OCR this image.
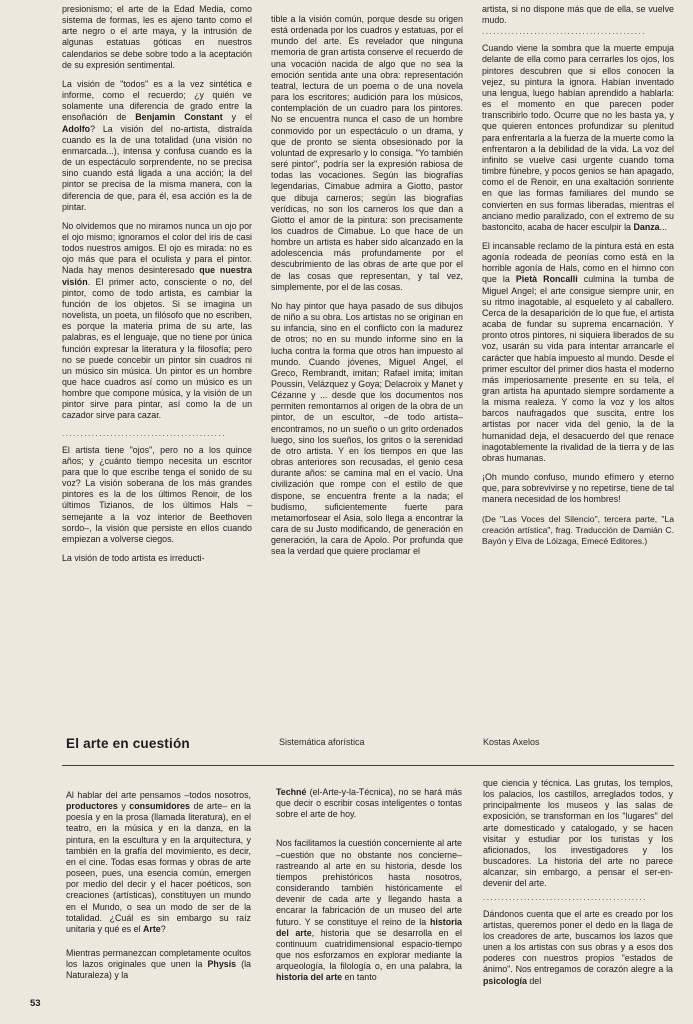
presionismo; el arte de la Edad Media, como sistema de formas, les es ajeno tanto como el arte negro o el arte maya, y la intrusión de algunas estatuas góticas en nuestros calendarios se debe sobre todo a la aceptación de su expresión sentimental.

La visión de "todos" es a la vez sintética e informe, como el recuerdo; ¿y quién ve solamente una diferencia de grado entre la ensoñación de Benjamin Constant y el Adolfo? La visión del no-artista, distraída cuando es la de una totalidad (una visión no enmarcada...), intensa y confusa cuando es la de un espectáculo sorprendente, no se precisa sino cuando está ligada a una acción; la del pintor se precisa de la misma manera, con la diferencia de que, para él, esa acción es la de pintar.

No olvidemos que no miramos nunca un ojo por el ojo mismo; ignoramos el color del iris de casi todos nuestros amigos. El ojo es mirada: no es ojo más que para el oculista y para el pintor. Nada hay menos desinteresado que nuestra visión. El primer acto, consciente o no, del pintor, como de todo artista, es cambiar la función de los objetos. Si se imagina un novelista, un poeta, un filósofo que no escriben, es porque la materia prima de su arte, las palabras, es el lenguaje, que no tiene por única función expresar la literatura y la filosofía; pero no se puede concebir un pintor sin cuadros ni un músico sin música. Un pintor es un hombre que hace cuadros así como un músico es un hombre que compone música, y la visión de un pintor sirve para pintar, así como la de un cazador sirve para cazar.

............................................

El artista tiene "ojos", pero no a los quince años; y ¿cuánto tiempo necesita un escritor para que lo que escribe tenga el sonido de su voz? La visión soberana de los más grandes pintores es la de los últimos Renoir, de los últimos Tizianos, de los últimos Hals –semejante a la voz interior de Beethoven sordo–, la visión que persiste en ellos cuando empiezan a volverse ciegos.

La visión de todo artista es irreducti-

tible a la visión común, porque desde su origen está ordenada por los cuadros y estatuas, por el mundo del arte. Es revelador que ninguna memoria de gran artista conserve el recuerdo de una vocación nacida de algo que no sea la emoción sentida ante una obra: representación teatral, lectura de un poema o de una novela para los escritores; audición para los músicos, contemplación de un cuadro para los pintores. No se encuentra nunca el caso de un hombre conmovido por un espectáculo o un drama, y que de pronto se sienta obsesionado por la voluntad de expresarlo y lo consiga. "Yo también seré pintor", podría ser la expresión rabiosa de todas las vocaciones. Según las biografías legendarias, Cimabue admira a Giotto, pastor que dibuja carneros; según las biografías verídicas, no son los carneros los que dan a Giotto el amor de la pintura: son precisamente los cuadros de Cimabue. Lo que hace de un hombre un artista es haber sido alcanzado en la adolescencia más profundamente por el descubrimiento de las obras de arte que por el de las cosas que representan, y tal vez, simplemente, por el de las cosas.

No hay pintor que haya pasado de sus dibujos de niño a su obra. Los artistas no se originan en su infancia, sino en el conflicto con la madurez de otros; no en su mundo informe sino en la lucha contra la forma que otros han impuesto al mundo. Cuando jóvenes, Miguel Angel, el Greco, Rembrandt, imitan; Rafael imita; imitan Poussin, Velázquez y Goya; Delacroix y Manet y Cézanne y ... desde que los documentos nos permiten remontarnos al origen de la obra de un pintor, de un escultor, –de todo artista– encontramos, no un sueño o un grito ordenados luego, sino los sueños, los gritos o la serenidad de otro artista. Y en los tiempos en que las obras anteriores son recusadas, el genio cesa durante años: se camina mal en el vacío. Una civilización que rompe con el estilo de que dispone, se encuentra frente a la nada; el budismo, suficientemente fuerte para metamorfosear el Asia, solo llega a encontrar la cara de su Justo modificando, de generación en generación, la cara de Apolo. Por profunda que sea la verdad que quiere proclamar el

artista, si no dispone más que de ella, se vuelve mudo.

............................................

Cuando viene la sombra que la muerte empuja delante de ella como para cerrarles los ojos, los pintores descubren que si ellos conocen la vejez, su pintura la ignora. Habían inventado una lengua, luego habían aprendido a hablarla: es el momento en que parecen poder transcribirlo todo. Ocurre que no les basta ya, y que quieren entonces profundizar su plenitud para enfrentarla a la fuerza de la muerte como la enfrentaron a la debilidad de la vida. La voz del infinito se vuelve casi urgente cuando toma timbre fúnebre, y pocos genios se han apagado, como el de Renoir, en una exaltación sonriente en que las formas familiares del mundo se convierten en sus formas liberadas, mientras el anciano medio paralizado, con el extremo de su bastoncito, acaba de hacer esculpir la Danza...

El incansable reclamo de la pintura está en esta agonía rodeada de peonías como está en la horrible agonía de Hals, como en el himno con que la Pietà Roncalli culmina la tumba de Miguel Angel; el arte consigue siempre unir, en su ritmo inagotable, al esqueleto y al caballero. Cerca de la desaparición de lo que fue, el artista acaba de fundar su suprema encarnación. Y pronto otros pintores, ni siquiera liberados de su voz, usarán su vida para intentar arrancarle el carácter que había impuesto al mundo. Desde el primer escultor del primer dios hasta el moderno más imperiosamente presente en su tela, el gran artista ha apuntado siempre sordamente a la misma realeza. Y como la voz y los altos barcos naufragados que suscita, entre los artistas por nacer vida del genio, la de la humanidad deja, el desacuerdo del que renace inagotablemente la rivalidad de la tierra y de las obras humanas.

¡Oh mundo confuso, mundo efímero y eterno que, para sobrevivirse y no repetirse, tiene de tal manera necesidad de los hombres!

(De "Las Voces del Silencio", tercera parte, "La creación artística", frag. Traducción de Damián C. Bayón y Elva de Lóizaga, Emecé Editores.)

El arte en cuestión	Sistemática aforística	Kostas Axelos

Al hablar del arte pensamos –todos nosotros, productores y consumidores de arte– en la poesía y en la prosa (llamada literatura), en el teatro, en la música y en la danza, en la pintura, en la escultura y en la arquitectura, y también en la grafía del movimiento, es decir, en el cine. Todas esas formas y obras de arte poseen, pues, una esencia común, emergen por medio del decir y el hacer poéticos, son creaciones (artísticas), constituyen un mundo en el Mundo, o sea un modo de ser de la totalidad. ¿Cuál es sin embargo su raíz unitaria y qué es el Arte?

Mientras permanezcan completamente ocultos los lazos originales que unen la Physis (la Naturaleza) y la

Techné (el-Arte-y-la-Técnica), no se hará más que decir o escribir cosas inteligentes o tontas sobre el arte de hoy.

Nos facilitamos la cuestión concerniente al arte –cuestión que no obstante nos concierne– rastreando al arte en su historia, desde los tiempos prehistóricos hasta nosotros, considerando también históricamente el devenir de cada arte y llegando hasta a encarar la fabricación de un museo del arte futuro. Y se constituye el reino de la historia del arte, historia que se desarrolla en el continuum cuatridimensional espacio-tiempo que nos esforzamos en explorar mediante la arqueología, la filología o, en una palabra, la historia del arte en tanto

que ciencia y técnica. Las grutas, los templos, los palacios, los castillos, arreglados todos, y principalmente los museos y las salas de exposición, se transforman en los "lugares" del arte domesticado y catalogado, y se hacen visitar y estudiar por los turistas y los aficionados, los investigadores y los buscadores. La historia del arte no parece alcanzar, sin embargo, a pensar el ser-en-devenir del arte.

............................................

Dándonos cuenta que el arte es creado por los artistas, queremos poner el dedo en la llaga de los creadores de arte, buscamos los lazos que unen a los artistas con sus obras y a esos dos poderes con nuestros propios "estados de ánimo". Nos entregamos de corazón alegre a la psicología del

53
